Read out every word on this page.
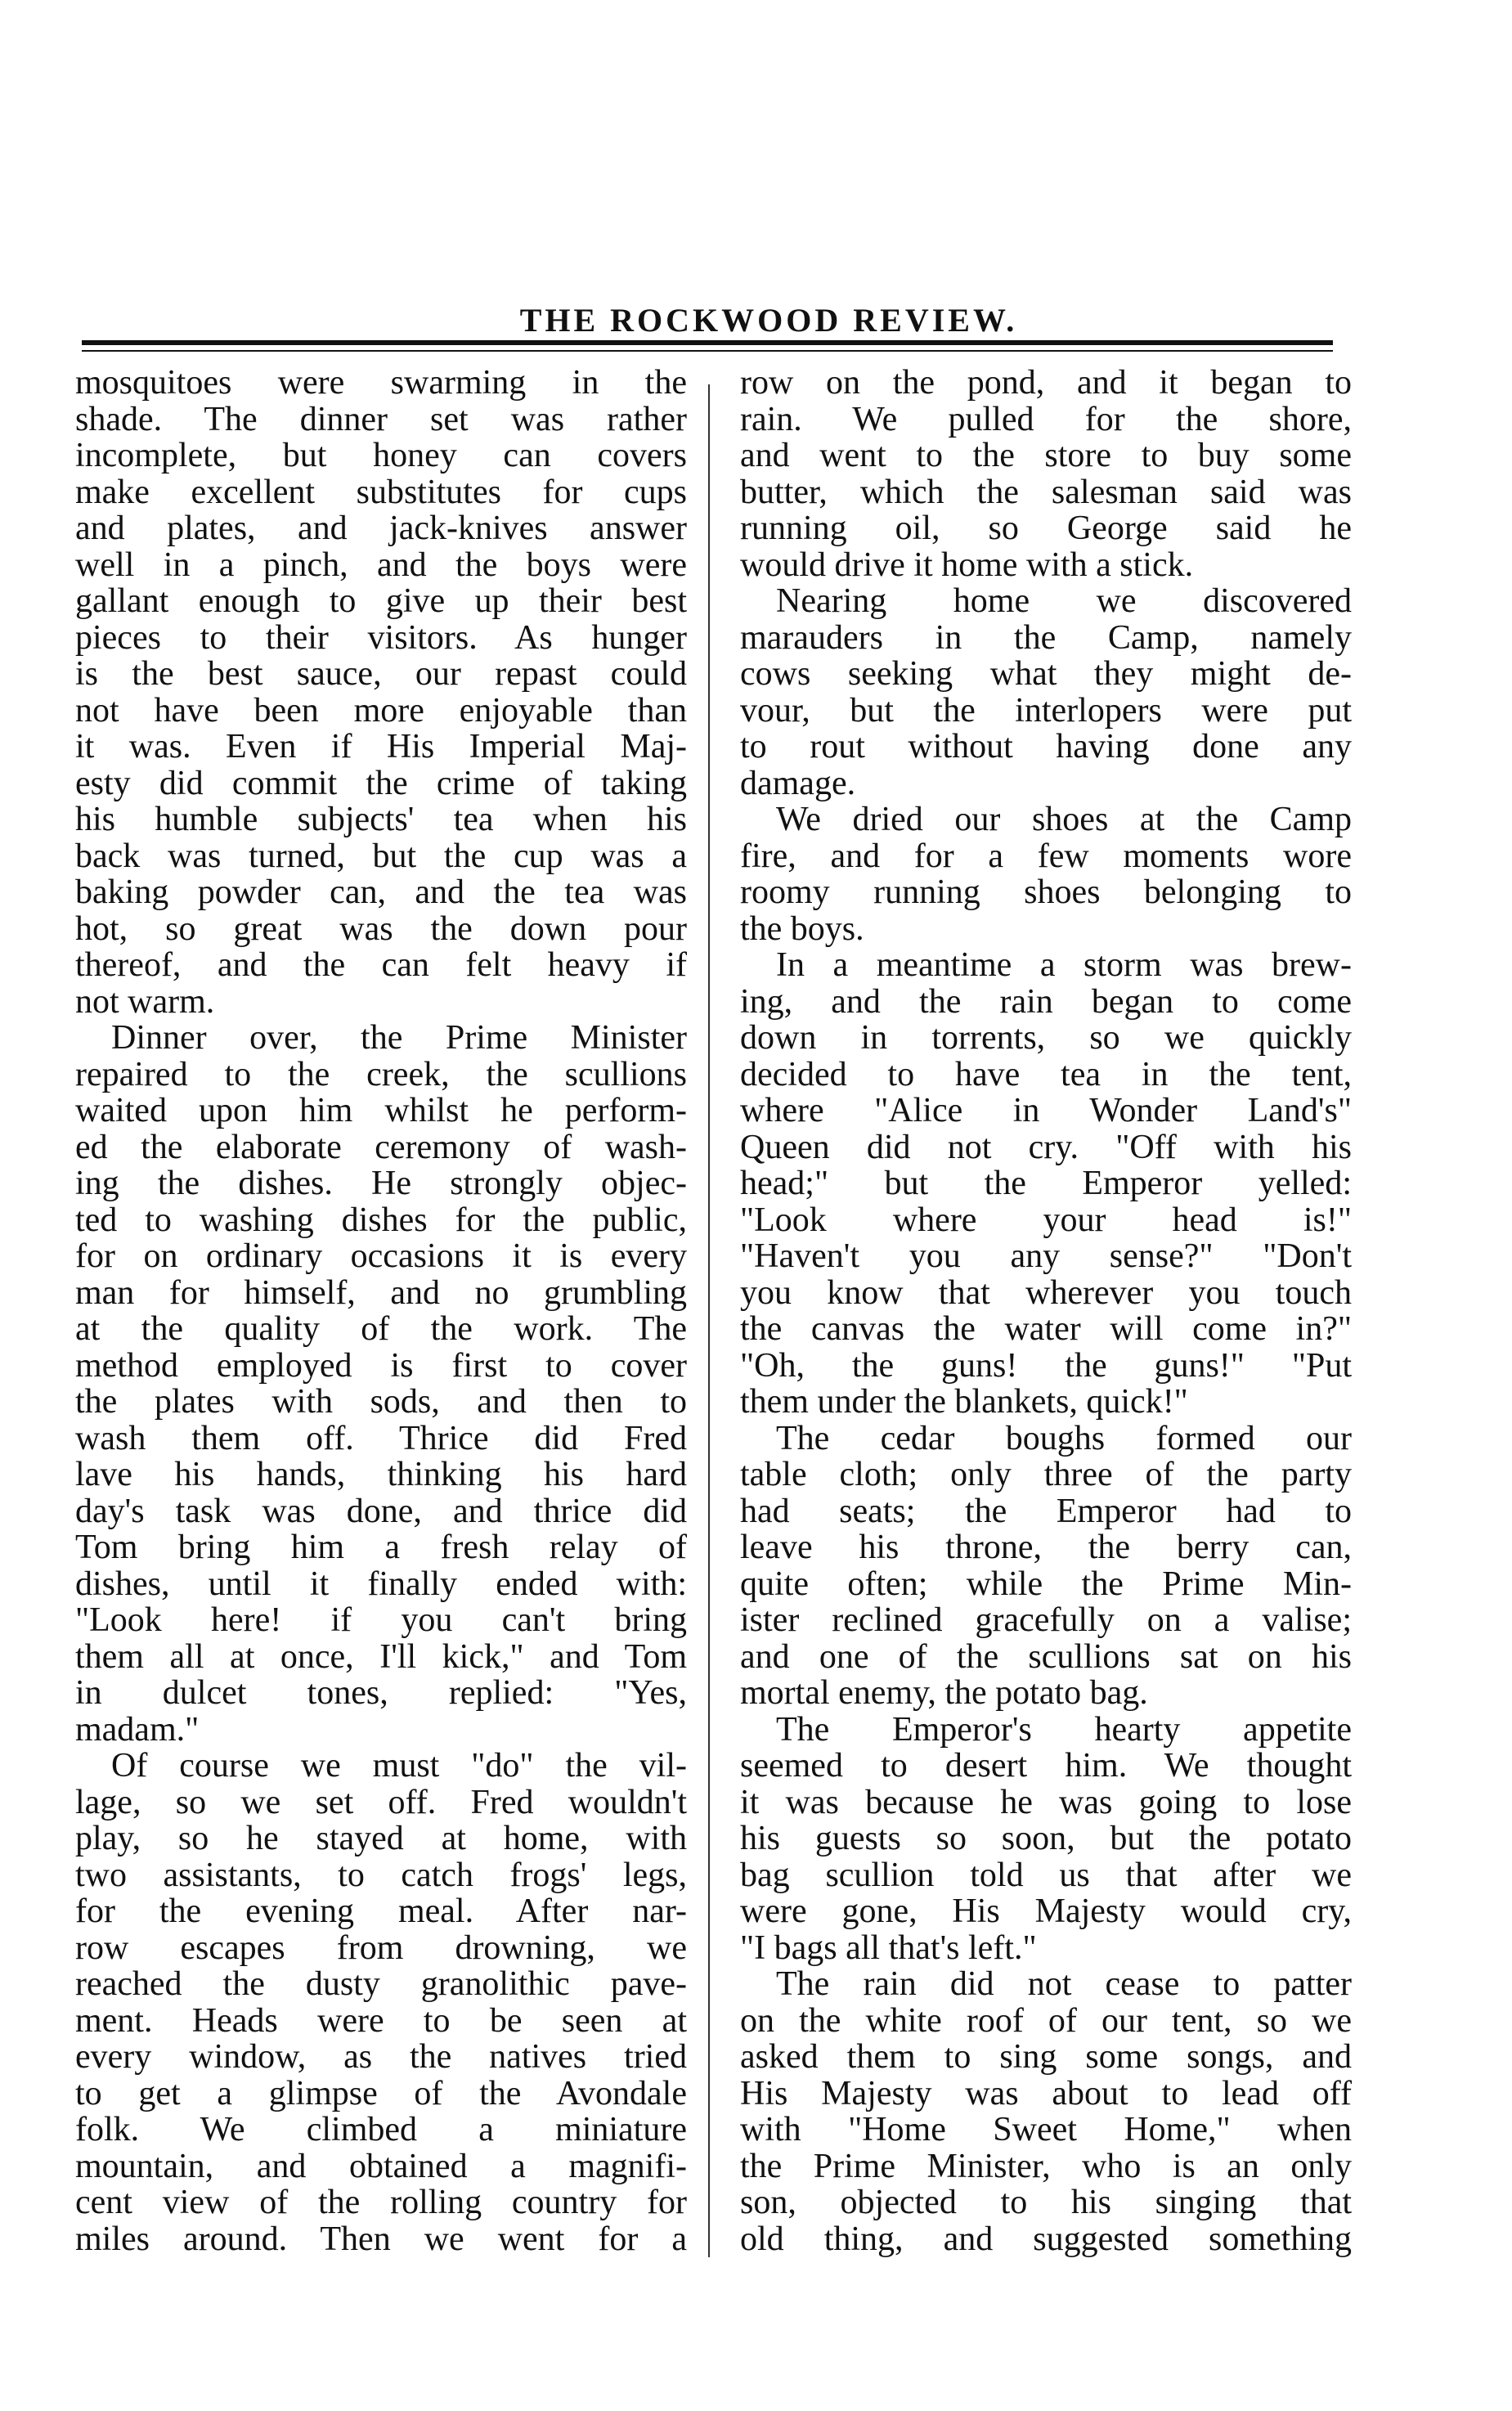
THE ROCKWOOD REVIEW.
mosquitoes were swarming in the
shade. The dinner set was rather
incomplete, but honey can covers
make excellent substitutes for cups
and plates, and jack-knives answer
well in a pinch, and the boys were
gallant enough to give up their best
pieces to their visitors. As hunger
is the best sauce, our repast could
not have been more enjoyable than
it was. Even if His Imperial Maj-
esty did commit the crime of taking
his humble subjects' tea when his
back was turned, but the cup was a
baking powder can, and the tea was
hot, so great was the down pour
thereof, and the can felt heavy if
not warm.
Dinner over, the Prime Minister
repaired to the creek, the scullions
waited upon him whilst he perform-
ed the elaborate ceremony of wash-
ing the dishes. He strongly objec-
ted to washing dishes for the public,
for on ordinary occasions it is every
man for himself, and no grumbling
at the quality of the work. The
method employed is first to cover
the plates with sods, and then to
wash them off. Thrice did Fred
lave his hands, thinking his hard
day's task was done, and thrice did
Tom bring him a fresh relay of
dishes, until it finally ended with:
"Look here! if you can't bring
them all at once, I'll kick," and Tom
in dulcet tones, replied: "Yes,
madam."
Of course we must "do" the vil-
lage, so we set off. Fred wouldn't
play, so he stayed at home, with
two assistants, to catch frogs' legs,
for the evening meal. After nar-
row escapes from drowning, we
reached the dusty granolithic pave-
ment. Heads were to be seen at
every window, as the natives tried
to get a glimpse of the Avondale
folk. We climbed a miniature
mountain, and obtained a magnifi-
cent view of the rolling country for
miles around. Then we went for a
row on the pond, and it began to
rain. We pulled for the shore,
and went to the store to buy some
butter, which the salesman said was
running oil, so George said he
would drive it home with a stick.
Nearing home we discovered
marauders in the Camp, namely
cows seeking what they might de-
vour, but the interlopers were put
to rout without having done any
damage.
We dried our shoes at the Camp
fire, and for a few moments wore
roomy running shoes belonging to
the boys.
In a meantime a storm was brew-
ing, and the rain began to come
down in torrents, so we quickly
decided to have tea in the tent,
where "Alice in Wonder Land's"
Queen did not cry. "Off with his
head;" but the Emperor yelled:
"Look where your head is!"
"Haven't you any sense?" "Don't
you know that wherever you touch
the canvas the water will come in?"
"Oh, the guns! the guns!" "Put
them under the blankets, quick!"
The cedar boughs formed our
table cloth; only three of the party
had seats; the Emperor had to
leave his throne, the berry can,
quite often; while the Prime Min-
ister reclined gracefully on a valise;
and one of the scullions sat on his
mortal enemy, the potato bag.
The Emperor's hearty appetite
seemed to desert him. We thought
it was because he was going to lose
his guests so soon, but the potato
bag scullion told us that after we
were gone, His Majesty would cry,
"I bags all that's left."
The rain did not cease to patter
on the white roof of our tent, so we
asked them to sing some songs, and
His Majesty was about to lead off
with "Home Sweet Home," when
the Prime Minister, who is an only
son, objected to his singing that
old thing, and suggested something
